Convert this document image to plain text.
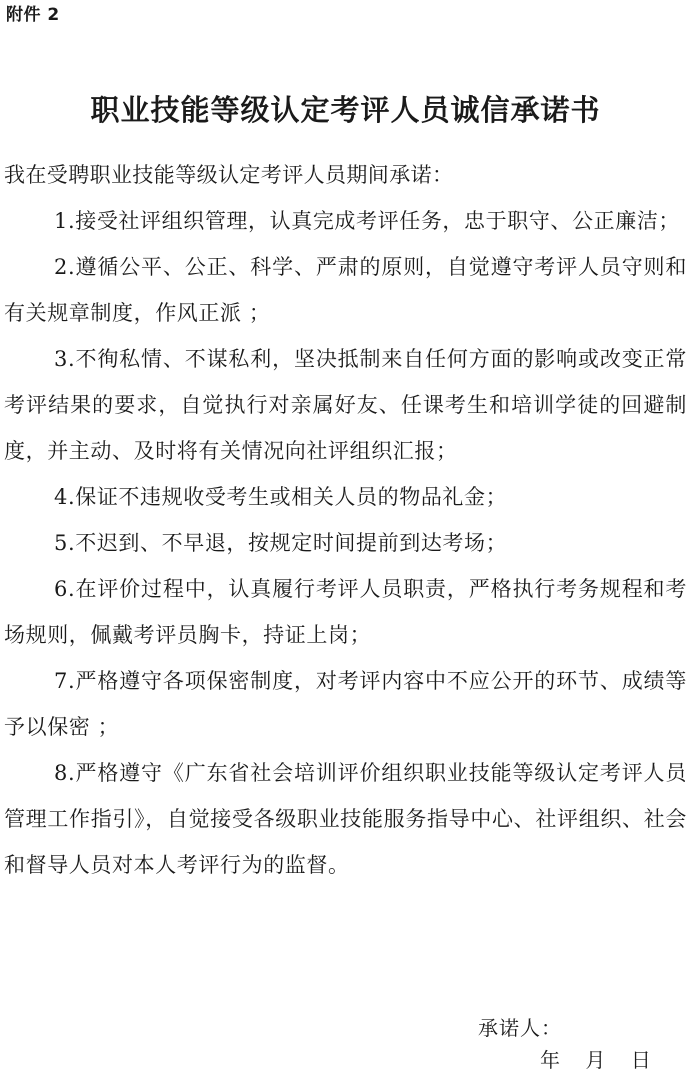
附件 2
职业技能等级认定考评人员诚信承诺书

我在受聘职业技能等级认定考评人员期间承诺：

1.接受社评组织管理，认真完成考评任务，忠于职守、公正廉洁；

2.遵循公平、公正、科学、严肃的原则，自觉遵守考评人员守则和有关规章制度，作风正派 ；

3.不徇私情、不谋私利，坚决抵制来自任何方面的影响或改变正常考评结果的要求，自觉执行对亲属好友、任课考生和培训学徒的回避制度，并主动、及时将有关情况向社评组织汇报；

4.保证不违规收受考生或相关人员的物品礼金；

5.不迟到、不早退，按规定时间提前到达考场；

6.在评价过程中，认真履行考评人员职责，严格执行考务规程和考场规则，佩戴考评员胸卡，持证上岗；

7.严格遵守各项保密制度，对考评内容中不应公开的环节、成绩等予以保密 ；

8.严格遵守《广东省社会培训评价组织职业技能等级认定考评人员管理工作指引》，自觉接受各级职业技能服务指导中心、社评组织、社会和督导人员对本人考评行为的监督。

承诺人：
年    月    日
